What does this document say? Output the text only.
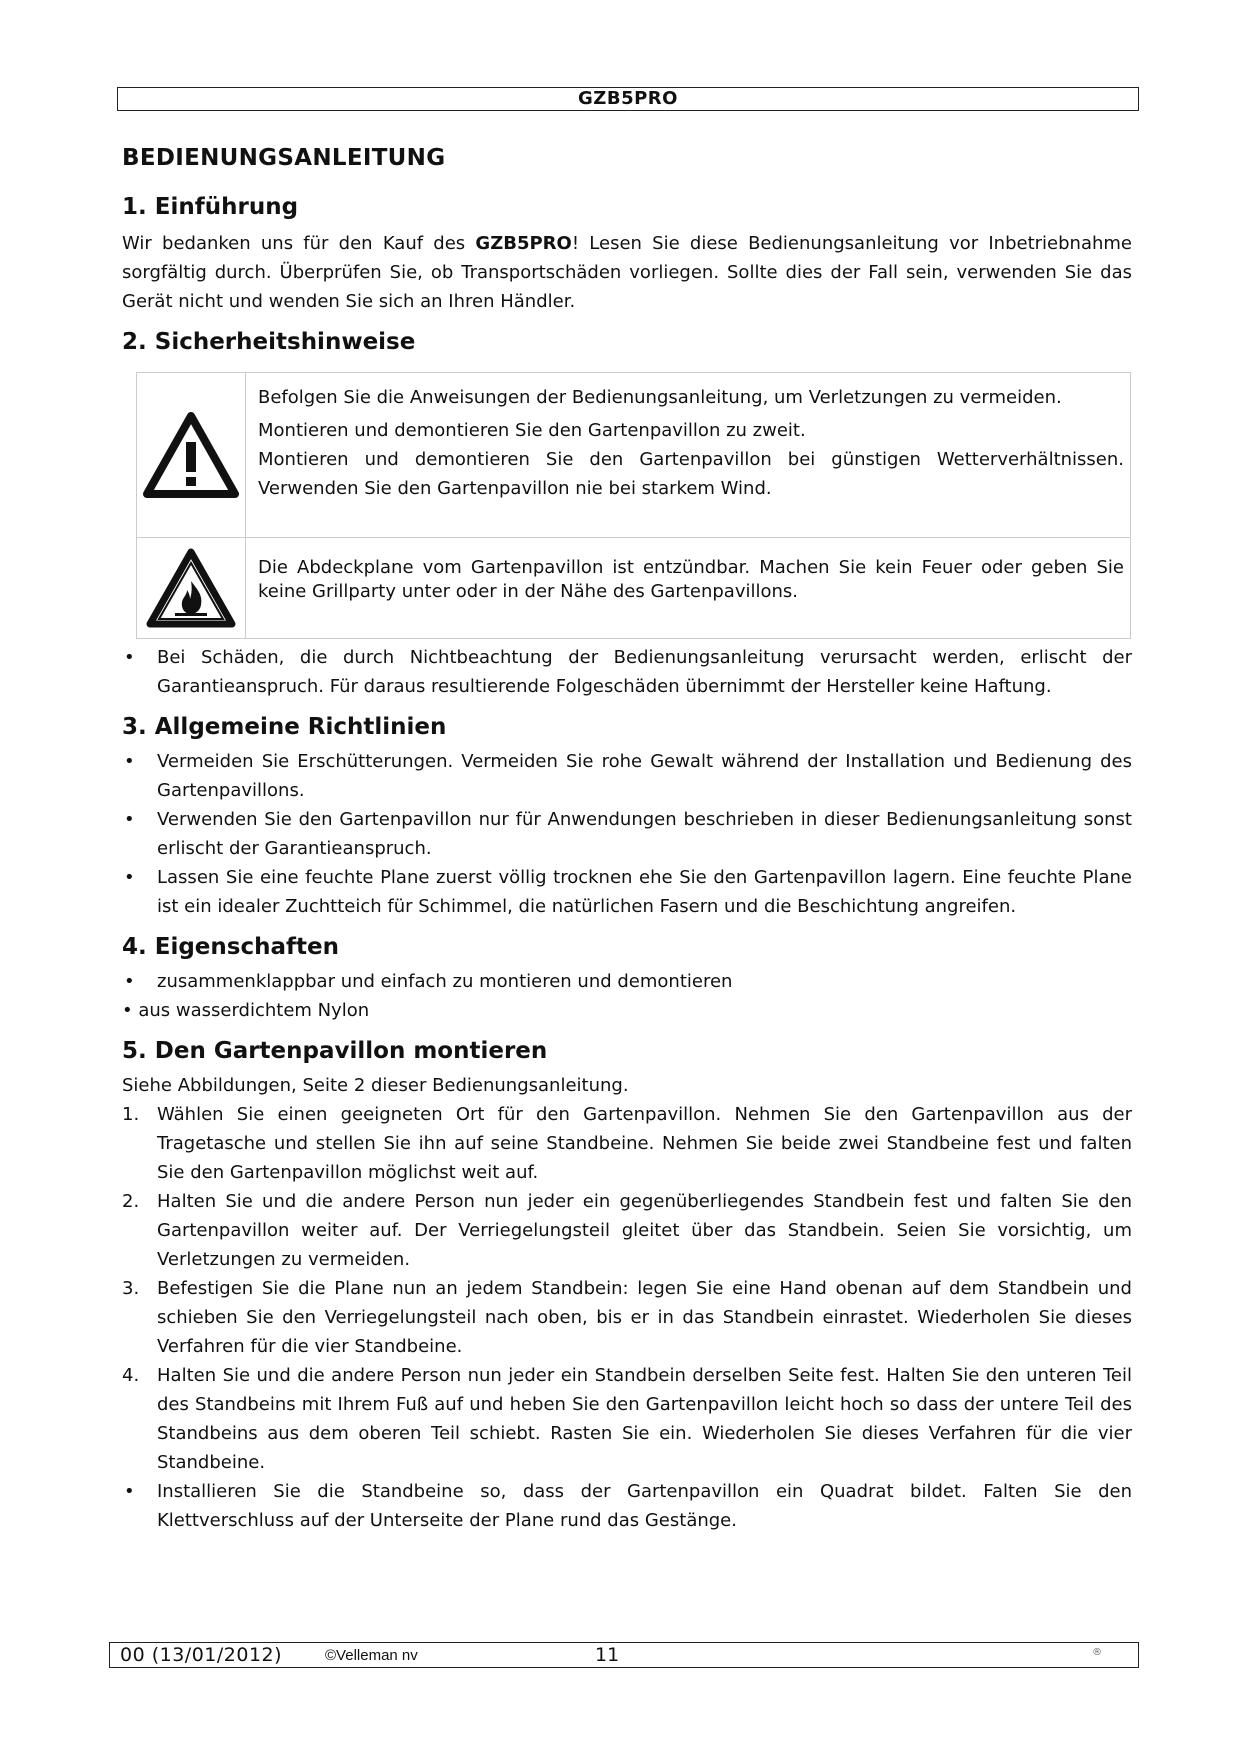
GZB5PRO
BEDIENUNGSANLEITUNG
1. Einführung

Wir bedanken uns für den Kauf des GZB5PRO! Lesen Sie diese Bedienungsanleitung vor Inbetriebnahme sorgfältig durch. Überprüfen Sie, ob Transportschäden vorliegen. Sollte dies der Fall sein, verwenden Sie das Gerät nicht und wenden Sie sich an Ihren Händler.

2. Sicherheitshinweise

Befolgen Sie die Anweisungen der Bedienungsanleitung, um Verletzungen zu vermeiden.

Montieren und demontieren Sie den Gartenpavillon zu zweit.

Montieren und demontieren Sie den Gartenpavillon bei günstigen Wetterverhältnissen. Verwenden Sie den Gartenpavillon nie bei starkem Wind.

Die Abdeckplane vom Gartenpavillon ist entzündbar. Machen Sie kein Feuer oder geben Sie keine Grillparty unter oder in der Nähe des Gartenpavillons.

• Bei Schäden, die durch Nichtbeachtung der Bedienungsanleitung verursacht werden, erlischt der Garantieanspruch. Für daraus resultierende Folgeschäden übernimmt der Hersteller keine Haftung.
3. Allgemeine Richtlinien
• Vermeiden Sie Erschütterungen. Vermeiden Sie rohe Gewalt während der Installation und Bedienung des Gartenpavillons.
• Verwenden Sie den Gartenpavillon nur für Anwendungen beschrieben in dieser Bedienungsanleitung sonst erlischt der Garantieanspruch.
• Lassen Sie eine feuchte Plane zuerst völlig trocknen ehe Sie den Gartenpavillon lagern. Eine feuchte Plane ist ein idealer Zuchtteich für Schimmel, die natürlichen Fasern und die Beschichtung angreifen.
4. Eigenschaften
• zusammenklappbar und einfach zu montieren und demontieren
• aus wasserdichtem Nylon
5. Den Gartenpavillon montieren

Siehe Abbildungen, Seite 2 dieser Bedienungsanleitung.

1. Wählen Sie einen geeigneten Ort für den Gartenpavillon. Nehmen Sie den Gartenpavillon aus der Tragetasche und stellen Sie ihn auf seine Standbeine. Nehmen Sie beide zwei Standbeine fest und falten Sie den Gartenpavillon möglichst weit auf.
2. Halten Sie und die andere Person nun jeder ein gegenüberliegendes Standbein fest und falten Sie den Gartenpavillon weiter auf. Der Verriegelungsteil gleitet über das Standbein. Seien Sie vorsichtig, um Verletzungen zu vermeiden.
3. Befestigen Sie die Plane nun an jedem Standbein: legen Sie eine Hand obenan auf dem Standbein und schieben Sie den Verriegelungsteil nach oben, bis er in das Standbein einrastet. Wiederholen Sie dieses Verfahren für die vier Standbeine.
4. Halten Sie und die andere Person nun jeder ein Standbein derselben Seite fest. Halten Sie den unteren Teil des Standbeins mit Ihrem Fuß auf und heben Sie den Gartenpavillon leicht hoch so dass der untere Teil des Standbeins aus dem oberen Teil schiebt. Rasten Sie ein. Wiederholen Sie dieses Verfahren für die vier Standbeine.
• Installieren Sie die Standbeine so, dass der Gartenpavillon ein Quadrat bildet. Falten Sie den Klettverschluss auf der Unterseite der Plane rund das Gestänge.
00 (13/01/2012)	©Velleman nv	11	®
